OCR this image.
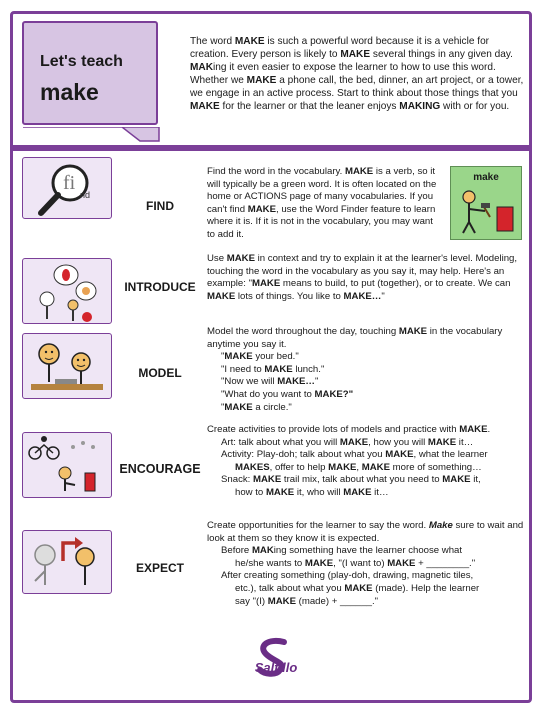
Let's teach
make
The word MAKE is such a powerful word because it is a vehicle for creation. Every person is likely to MAKE several things in any given day. MAKing it even easier to expose the learner to how to use this word. Whether we MAKE a phone call, the bed, dinner, an art project, or a tower, we engage in an active process. Start to think about those things that you MAKE for the learner or that the leaner enjoys MAKING with or for you.
fi
nd
FIND
Find the word in the vocabulary. MAKE is a verb, so it will typically be a green word. It is often located on the home or ACTIONS page of many vocabularies. If you can't find MAKE, use the Word Finder feature to learn where it is. If it is not in the vocabulary, you may want to add it.
make
INTRODUCE
Use MAKE in context and try to explain it at the learner's level. Modeling, touching the word in the vocabulary as you say it, may help. Here's an example: "MAKE means to build, to put (together), or to create. We can MAKE lots of things. You like to MAKE…"
MODEL
Model the word throughout the day, touching MAKE in the vocabulary anytime you say it.
"MAKE your bed."
"I need to MAKE lunch."
"Now we will MAKE…"
"What do you want to MAKE?"
"MAKE a circle."
ENCOURAGE
Create activities to provide lots of models and practice with MAKE.
Art: talk about what you will MAKE, how you will MAKE it…
Activity: Play-doh; talk about what you MAKE, what the learner
MAKES, offer to help MAKE, MAKE more of something…
Snack: MAKE trail mix, talk about what you need to MAKE it,
how to MAKE it, who will MAKE it…
EXPECT
Create opportunities for the learner to say the word. Make sure to wait and look at them so they know it is expected.
Before MAKing something have the learner choose what
he/she wants to MAKE, "(I want to) MAKE + ________."
After creating something (play-doh, drawing, magnetic tiles,
etc.), talk about what you MAKE (made). Help the learner
say "(I) MAKE (made) + ______."
Saltillo
